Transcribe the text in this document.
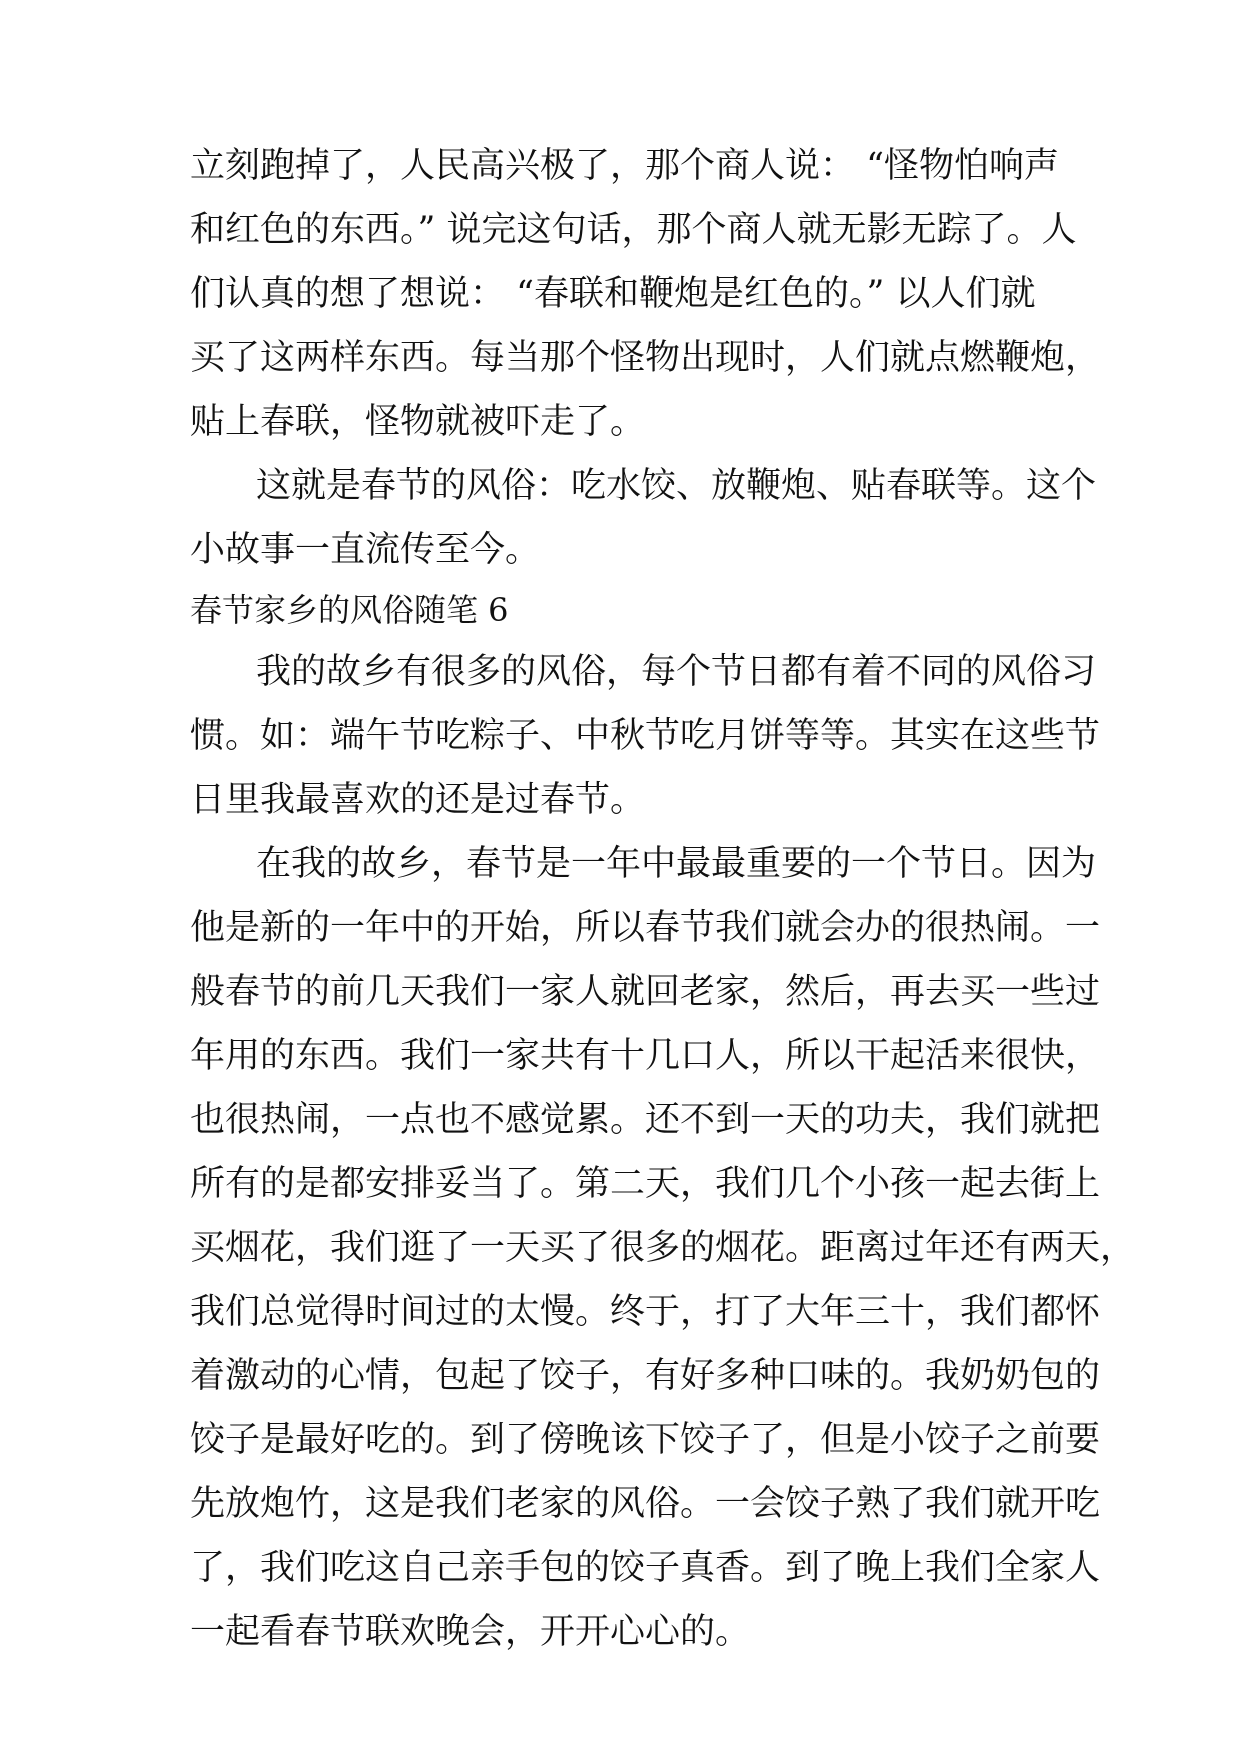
立刻跑掉了，人民高兴极了，那个商人说： “怪物怕响声
和红色的东西。” 说完这句话，那个商人就无影无踪了。人
们认真的想了想说： “春联和鞭炮是红色的。” 以人们就
买了这两样东西。每当那个怪物出现时，人们就点燃鞭炮，
贴上春联，怪物就被吓走了。
这就是春节的风俗：吃水饺、放鞭炮、贴春联等。这个
小故事一直流传至今。
春节家乡的风俗随笔 6
我的故乡有很多的风俗，每个节日都有着不同的风俗习
惯。如：端午节吃粽子、中秋节吃月饼等等。其实在这些节
日里我最喜欢的还是过春节。
在我的故乡，春节是一年中最最重要的一个节日。因为
他是新的一年中的开始，所以春节我们就会办的很热闹。一
般春节的前几天我们一家人就回老家，然后，再去买一些过
年用的东西。我们一家共有十几口人，所以干起活来很快，
也很热闹，一点也不感觉累。还不到一天的功夫，我们就把
所有的是都安排妥当了。第二天，我们几个小孩一起去街上
买烟花，我们逛了一天买了很多的烟花。距离过年还有两天，
我们总觉得时间过的太慢。终于，打了大年三十，我们都怀
着激动的心情，包起了饺子，有好多种口味的。我奶奶包的
饺子是最好吃的。到了傍晚该下饺子了，但是小饺子之前要
先放炮竹，这是我们老家的风俗。一会饺子熟了我们就开吃
了，我们吃这自己亲手包的饺子真香。到了晚上我们全家人
一起看春节联欢晚会，开开心心的。
